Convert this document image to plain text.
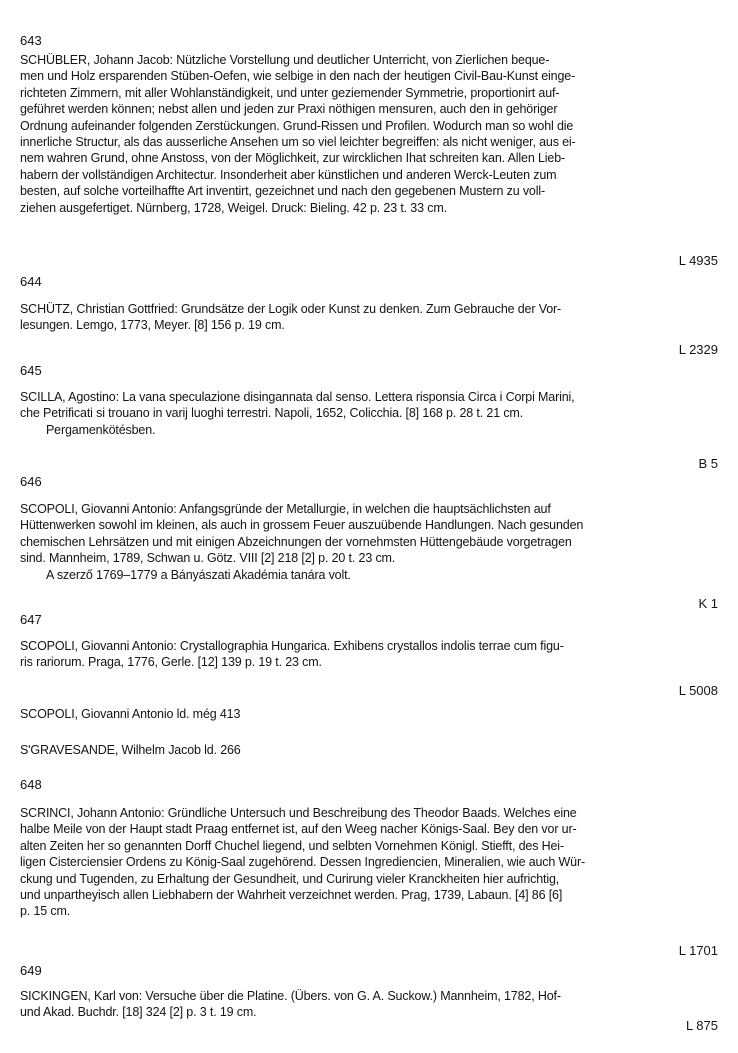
643
SCHÜBLER, Johann Jacob: Nützliche Vorstellung und deutlicher Unterricht, von Zierlichen beque-
men und Holz ersparenden Stüben-Oefen, wie selbige in den nach der heutigen Civil-Bau-Kunst einge-
richteten Zimmern, mit aller Wohlanständigkeit, und unter geziemender Symmetrie, proportionirt auf-
geführet werden können; nebst allen und jeden zur Praxi nöthigen mensuren, auch den in gehöriger
Ordnung aufeinander folgenden Zerstückungen. Grund-Rissen und Profilen. Wodurch man so wohl die
innerliche Structur, als das ausserliche Ansehen um so viel leichter begreiffen: als nicht weniger, aus ei-
nem wahren Grund, ohne Anstoss, von der Möglichkeit, zur wircklichen Ihat schreiten kan. Allen Lieb-
habern der vollständigen Architectur. Insonderheit aber künstlichen und anderen Werck-Leuten zum
besten, auf solche vorteilhaffte Art inventirt, gezeichnet und nach den gegebenen Mustern zu voll-
ziehen ausgefertiget. Nürnberg, 1728, Weigel. Druck: Bieling. 42 p. 23 t. 33 cm.
L 4935
644
SCHÜTZ, Christian Gottfried: Grundsätze der Logik oder Kunst zu denken. Zum Gebrauche der Vor-
lesungen. Lemgo, 1773, Meyer. [8] 156 p. 19 cm.
L 2329
645
SCILLA, Agostino: La vana speculazione disingannata dal senso. Lettera risponsia Circa i Corpi Marini,
che Petrificati si trouano in varij luoghi terrestri. Napoli, 1652, Colicchia. [8] 168 p. 28 t. 21 cm.
Pergamenkötésben.
B 5
646
SCOPOLI, Giovanni Antonio: Anfangsgründe der Metallurgie, in welchen die hauptsächlichsten auf
Hüttenwerken sowohl im kleinen, als auch in grossem Feuer auszuübende Handlungen. Nach gesunden
chemischen Lehrsätzen und mit einigen Abzeichnungen der vornehmsten Hüttengebäude vorgetragen
sind. Mannheim, 1789, Schwan u. Götz. VIII [2] 218 [2] p. 20 t. 23 cm.
A szerző 1769–1779 a Bányászati Akadémia tanára volt.
K 1
647
SCOPOLI, Giovanni Antonio: Crystallographia Hungarica. Exhibens crystallos indolis terrae cum figu-
ris rariorum. Praga, 1776, Gerle. [12] 139 p. 19 t. 23 cm.
L 5008
SCOPOLI, Giovanni Antonio ld. még 413
S'GRAVESANDE, Wilhelm Jacob ld. 266
648
SCRINCI, Johann Antonio: Gründliche Untersuch und Beschreibung des Theodor Baads. Welches eine
halbe Meile von der Haupt stadt Praag entfernet ist, auf den Weeg nacher Königs-Saal. Bey den vor ur-
alten Zeiten her so genannten Dorff Chuchel liegend, und selbten Vornehmen Königl. Stiefft, des Hei-
ligen Cisterciensier Ordens zu König-Saal zugehörend. Dessen Ingrediencien, Mineralien, wie auch Wür-
ckung und Tugenden, zu Erhaltung der Gesundheit, und Curirung vieler Kranckheiten hier aufrichtig,
und unpartheyisch allen Liebhabern der Wahrheit verzeichnet werden. Prag, 1739, Labaun. [4] 86 [6]
p. 15 cm.
L 1701
649
SICKINGEN, Karl von: Versuche über die Platine. (Übers. von G. A. Suckow.) Mannheim, 1782, Hof-
und Akad. Buchdr. [18] 324 [2] p. 3 t. 19 cm.
L 875
